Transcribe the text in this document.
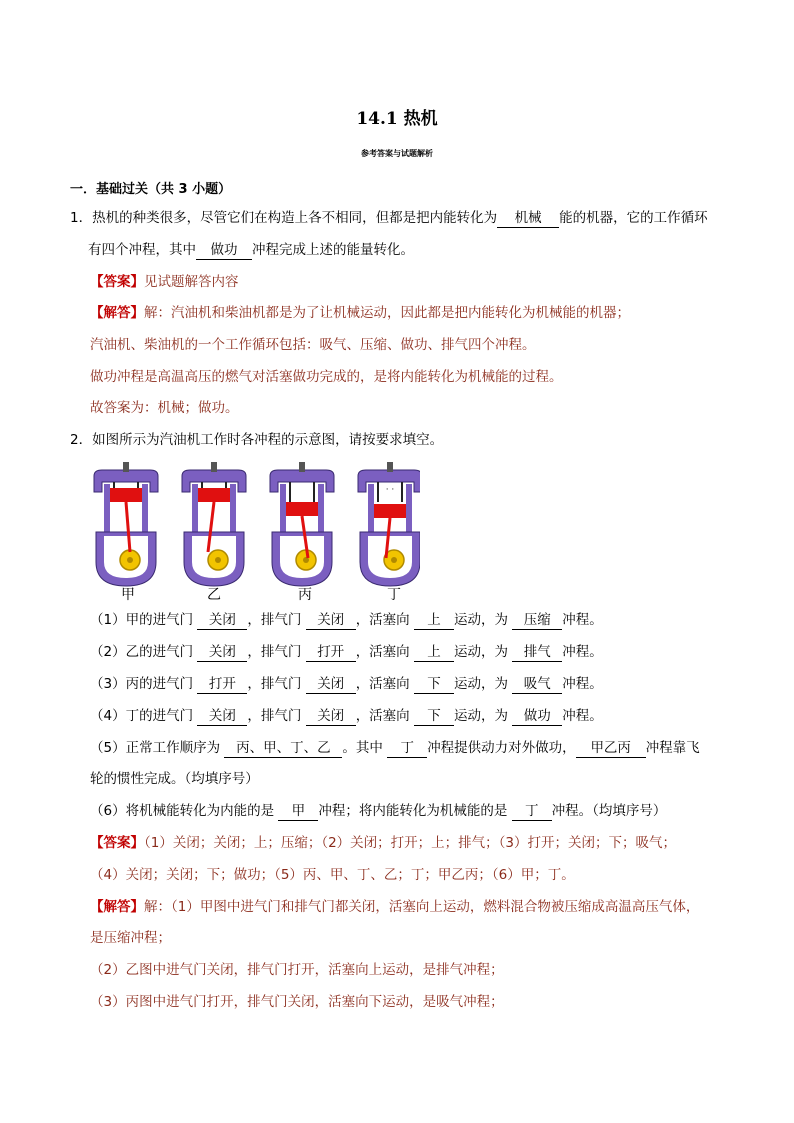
14.1 热机
参考答案与试题解析
一．基础过关（共 3 小题）
1．热机的种类很多，尽管它们在构造上各不相同，但都是把内能转化为 机械 能的机器，它的工作循环
有四个冲程，其中 做功 冲程完成上述的能量转化。
【答案】见试题解答内容
【解答】解：汽油机和柴油机都是为了让机械运动，因此都是把内能转化为机械能的机器；
汽油机、柴油机的一个工作循环包括：吸气、压缩、做功、排气四个冲程。
做功冲程是高温高压的燃气对活塞做功完成的，是将内能转化为机械能的过程。
故答案为：机械；做功。
2．如图所示为汽油机工作时各冲程的示意图，请按要求填空。
· ·
甲	乙	丙	丁
（1）甲的进气门 关闭 ，排气门 关闭 ，活塞向 上 运动，为 压缩 冲程。
（2）乙的进气门 关闭 ，排气门 打开 ，活塞向 上 运动，为 排气 冲程。
（3）丙的进气门 打开 ，排气门 关闭 ，活塞向 下 运动，为 吸气 冲程。
（4）丁的进气门 关闭 ，排气门 关闭 ，活塞向 下 运动，为 做功 冲程。
（5）正常工作顺序为 丙、甲、丁、乙 。其中 丁 冲程提供动力对外做功， 甲乙丙 冲程靠飞
轮的惯性完成。（均填序号）
（6）将机械能转化为内能的是 甲 冲程；将内能转化为机械能的是 丁 冲程。（均填序号）
【答案】（1）关闭；关闭；上；压缩；（2）关闭；打开；上；排气；（3）打开；关闭；下；吸气；
（4）关闭；关闭；下；做功；（5）丙、甲、丁、乙；丁；甲乙丙；（6）甲；丁。
【解答】解：（1）甲图中进气门和排气门都关闭，活塞向上运动，燃料混合物被压缩成高温高压气体，
是压缩冲程；
（2）乙图中进气门关闭，排气门打开，活塞向上运动，是排气冲程；
（3）丙图中进气门打开，排气门关闭，活塞向下运动，是吸气冲程；
